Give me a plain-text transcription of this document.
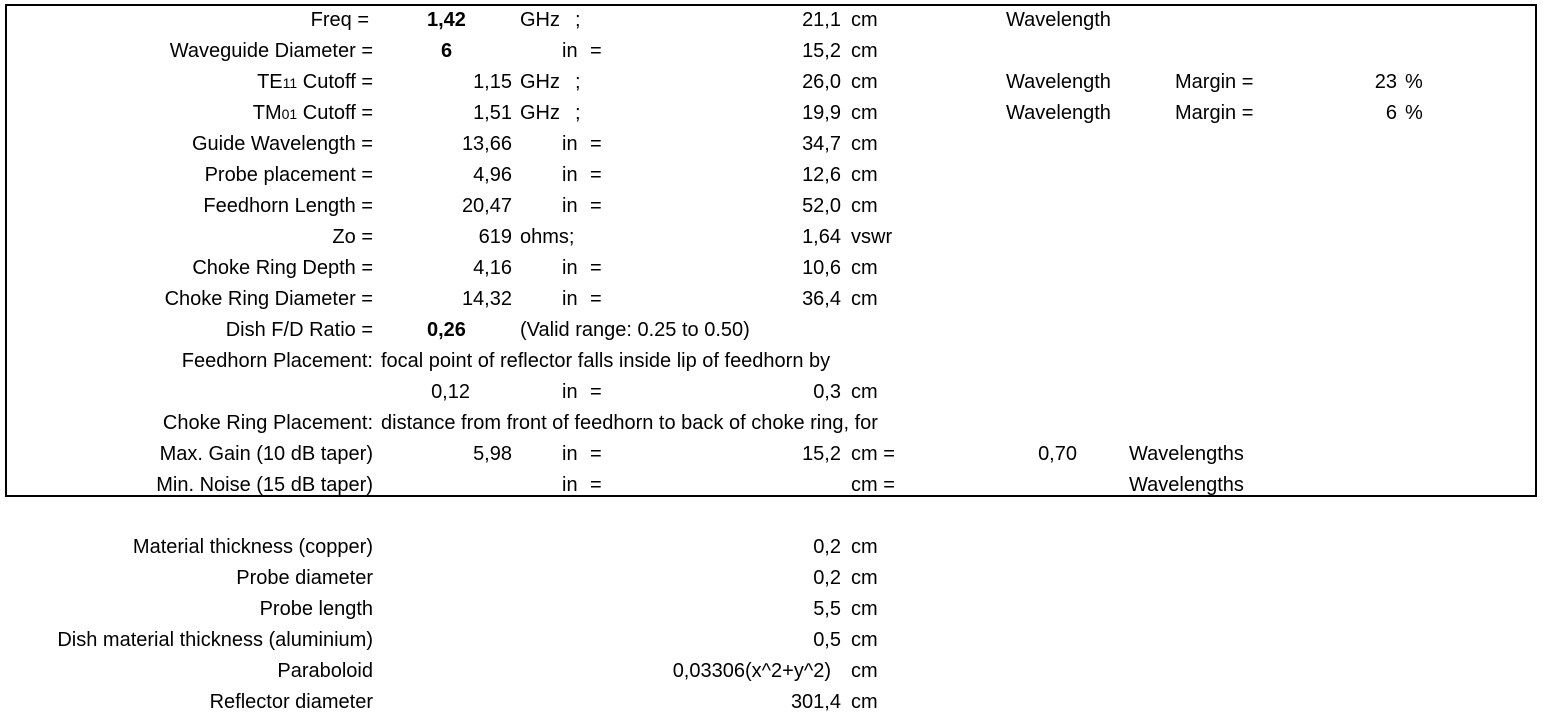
Freq =	1,42	GHz ;	21,1 cm	Wavelength
Waveguide Diameter =	6	in =	15,2 cm
TE11 Cutoff =	1,15 GHz ;	26,0 cm	Wavelength	Margin =	23 %
TM01 Cutoff =	1,51 GHz ;	19,9 cm	Wavelength	Margin =	6 %
Guide Wavelength =	13,66	in =	34,7 cm
Probe placement =	4,96	in =	12,6 cm
Feedhorn Length =	20,47	in =	52,0 cm
Zo =	619 ohms;	1,64 vswr
Choke Ring Depth =	4,16	in =	10,6 cm
Choke Ring Diameter =	14,32	in =	36,4 cm
Dish F/D Ratio =	0,26	(Valid range: 0.25 to 0.50)
Feedhorn Placement: focal point of reflector falls inside lip of feedhorn by
0,12	in =	0,3 cm
Choke Ring Placement: distance from front of feedhorn to back of choke ring, for
Max. Gain (10 dB taper)	5,98	in =	15,2 cm =	0,70	Wavelengths
Min. Noise (15 dB taper)	in =	cm =	Wavelengths
Material thickness (copper)	0,2 cm
Probe diameter	0,2 cm
Probe length	5,5 cm
Dish material thickness (aluminium)	0,5 cm
Paraboloid	0,03306(x^2+y^2) cm
Reflector diameter	301,4 cm
